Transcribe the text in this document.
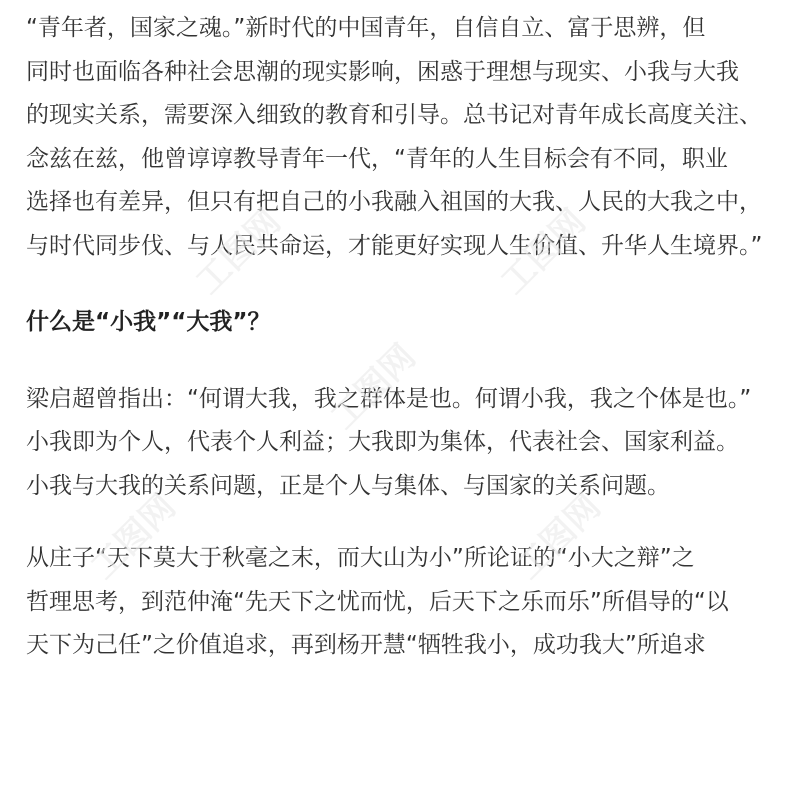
“青年者，国家之魂。”新时代的中国青年，自信自立、富于思辨，但
同时也面临各种社会思潮的现实影响，困惑于理想与现实、小我与大我
的现实关系，需要深入细致的教育和引导。总书记对青年成长高度关注、
念兹在兹，他曾谆谆教导青年一代，“青年的人生目标会有不同，职业
选择也有差异，但只有把自己的小我融入祖国的大我、人民的大我之中，
与时代同步伐、与人民共命运，才能更好实现人生价值、升华人生境界。”
什么是“小我”“大我”？
梁启超曾指出：“何谓大我，我之群体是也。何谓小我，我之个体是也。”
小我即为个人，代表个人利益；大我即为集体，代表社会、国家利益。
小我与大我的关系问题，正是个人与集体、与国家的关系问题。
从庄子“天下莫大于秋毫之末，而大山为小”所论证的“小大之辩”之
哲理思考，到范仲淹“先天下之忧而忧，后天下之乐而乐”所倡导的“以
天下为己任”之价值追求，再到杨开慧“牺牲我小，成功我大”所追求
工图网	工图网
工图网
工图网	工图网
